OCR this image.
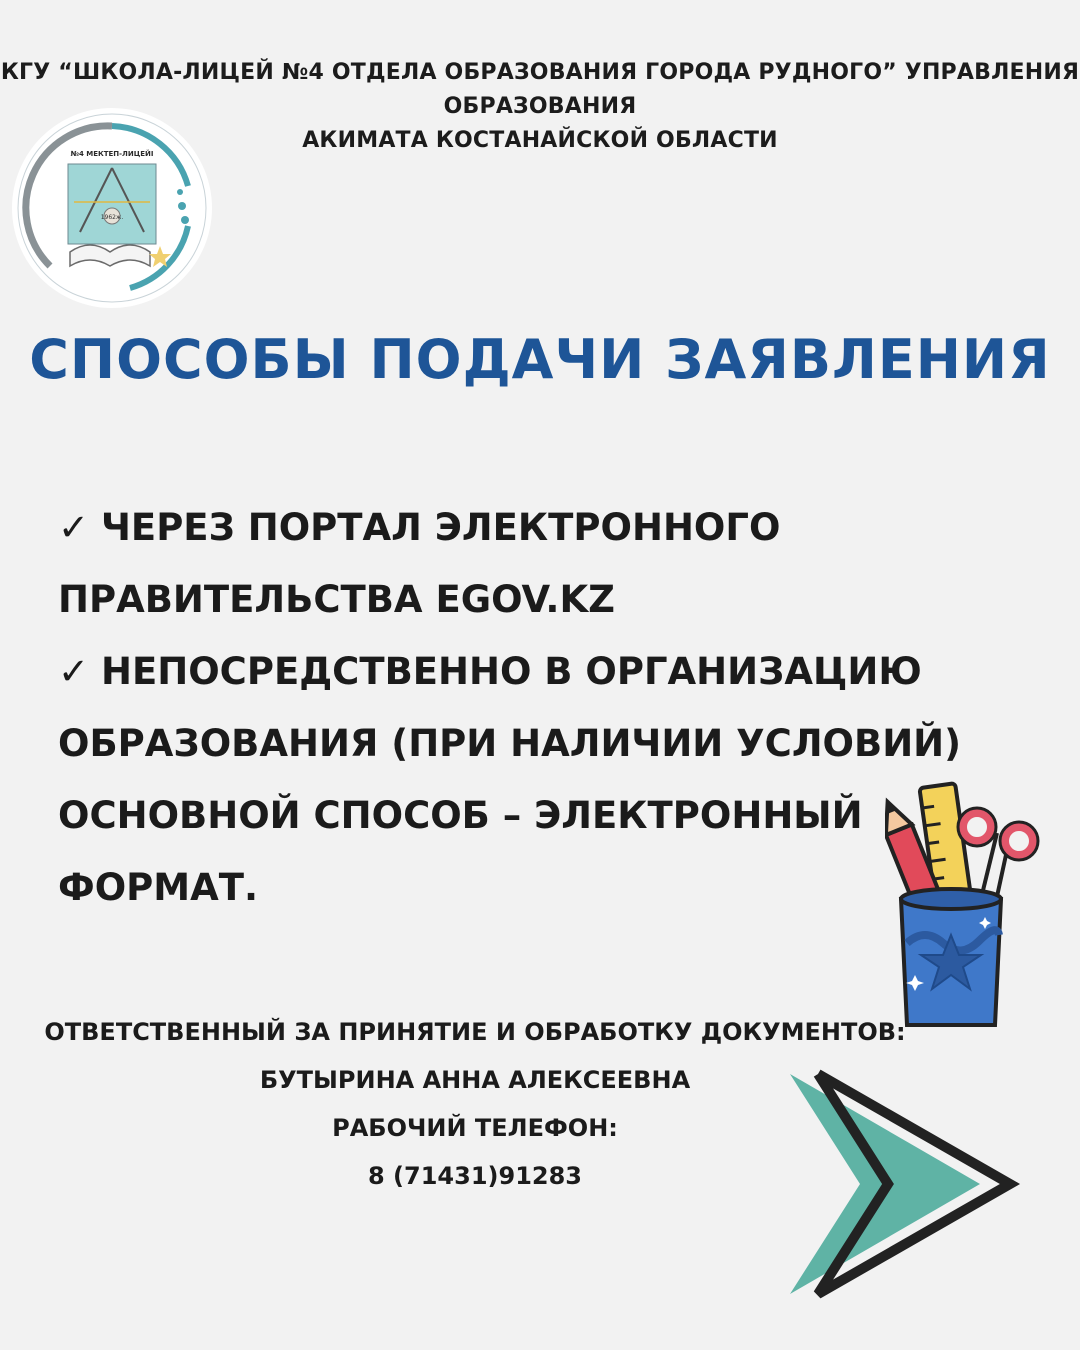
КГУ “ШКОЛА-ЛИЦЕЙ №4 ОТДЕЛА ОБРАЗОВАНИЯ ГОРОДА РУДНОГО” УПРАВЛЕНИЯ ОБРАЗОВАНИЯ
АКИМАТА КОСТАНАЙСКОЙ ОБЛАСТИ
№4 МЕКТЕП-ЛИЦЕЙІ
1962ж.
СПОСОБЫ ПОДАЧИ ЗАЯВЛЕНИЯ
✓ ЧЕРЕЗ ПОРТАЛ ЭЛЕКТРОННОГО
ПРАВИТЕЛЬСТВА EGOV.KZ
✓ НЕПОСРЕДСТВЕННО В ОРГАНИЗАЦИЮ
ОБРАЗОВАНИЯ (ПРИ НАЛИЧИИ УСЛОВИЙ)
ОСНОВНОЙ СПОСОБ – ЭЛЕКТРОННЫЙ
ФОРМАТ.
ОТВЕТСТВЕННЫЙ ЗА ПРИНЯТИЕ И ОБРАБОТКУ ДОКУМЕНТОВ:
БУТЫРИНА АННА АЛЕКСЕЕВНА
РАБОЧИЙ ТЕЛЕФОН:
8 (71431)91283
